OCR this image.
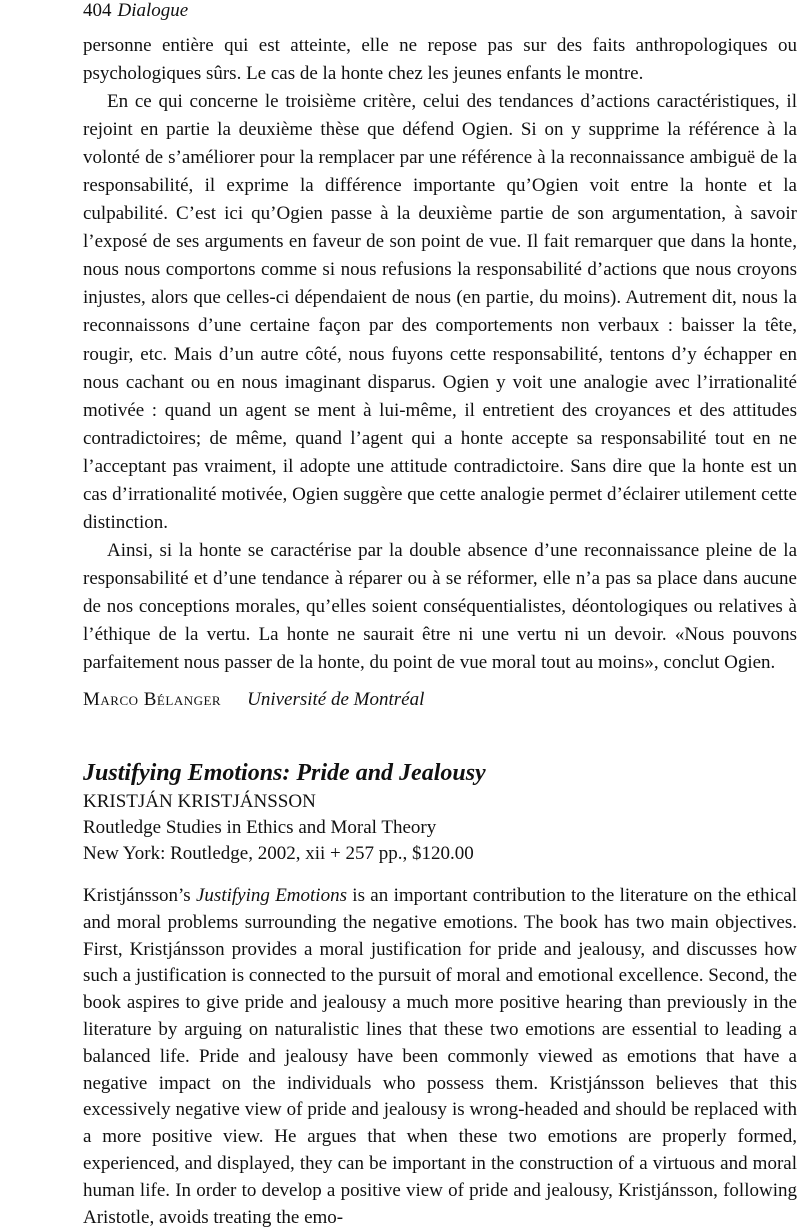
404 Dialogue

personne entière qui est atteinte, elle ne repose pas sur des faits anthropologiques ou psychologiques sûrs. Le cas de la honte chez les jeunes enfants le montre.

En ce qui concerne le troisième critère, celui des tendances d’actions caractéristiques, il rejoint en partie la deuxième thèse que défend Ogien. Si on y supprime la référence à la volonté de s’améliorer pour la remplacer par une référence à la reconnaissance ambiguë de la responsabilité, il exprime la différence importante qu’Ogien voit entre la honte et la culpabilité. C’est ici qu’Ogien passe à la deuxième partie de son argumentation, à savoir l’exposé de ses arguments en faveur de son point de vue. Il fait remarquer que dans la honte, nous nous comportons comme si nous refusions la responsabilité d’actions que nous croyons injustes, alors que celles-ci dépendaient de nous (en partie, du moins). Autrement dit, nous la reconnaissons d’une certaine façon par des comportements non verbaux : baisser la tête, rougir, etc. Mais d’un autre côté, nous fuyons cette responsabilité, tentons d’y échapper en nous cachant ou en nous imaginant disparus. Ogien y voit une analogie avec l’irrationalité motivée : quand un agent se ment à lui-même, il entretient des croyances et des attitudes contradictoires; de même, quand l’agent qui a honte accepte sa responsabilité tout en ne l’acceptant pas vraiment, il adopte une attitude contradictoire. Sans dire que la honte est un cas d’irrationalité motivée, Ogien suggère que cette analogie permet d’éclairer utilement cette distinction.

Ainsi, si la honte se caractérise par la double absence d’une reconnaissance pleine de la responsabilité et d’une tendance à réparer ou à se réformer, elle n’a pas sa place dans aucune de nos conceptions morales, qu’elles soient conséquentialistes, déontologiques ou relatives à l’éthique de la vertu. La honte ne saurait être ni une vertu ni un devoir. «Nous pouvons parfaitement nous passer de la honte, du point de vue moral tout au moins», conclut Ogien.

Marco Bélanger Université de Montréal
Justifying Emotions: Pride and Jealousy
KRISTJÁN KRISTJÁNSSON
Routledge Studies in Ethics and Moral Theory
New York: Routledge, 2002, xii + 257 pp., $120.00

Kristjánsson’s Justifying Emotions is an important contribution to the literature on the ethical and moral problems surrounding the negative emotions. The book has two main objectives. First, Kristjánsson provides a moral justification for pride and jealousy, and discusses how such a justification is connected to the pursuit of moral and emotional excellence. Second, the book aspires to give pride and jealousy a much more positive hearing than previously in the literature by arguing on naturalistic lines that these two emotions are essential to leading a balanced life. Pride and jealousy have been commonly viewed as emotions that have a negative impact on the individuals who possess them. Kristjánsson believes that this excessively negative view of pride and jealousy is wrong-headed and should be replaced with a more positive view. He argues that when these two emotions are properly formed, experienced, and displayed, they can be important in the construction of a virtuous and moral human life. In order to develop a positive view of pride and jealousy, Kristjánsson, following Aristotle, avoids treating the emo-
